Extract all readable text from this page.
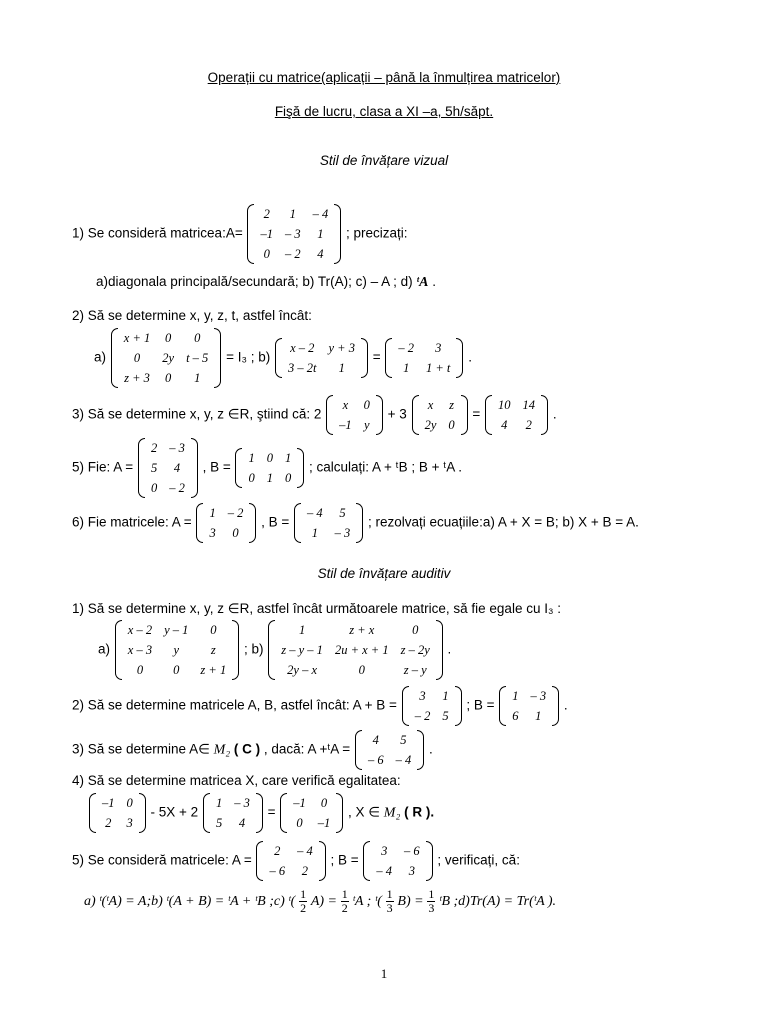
Operații cu matrice(aplicații – până la înmulțirea matricelor)
Fişă de lucru, clasa a XI –a, 5h/săpt.
Stil de învățare vizual
1) Se consideră matricea:A=
2	1	– 4
–1	– 3	1
0	– 2	4
; precizați:
a)diagonala principală/secundară; b) Tr(A); c) – A ; d) ᵗA .
2) Să se determine x, y, z, t, astfel încât:
a)
x + 1	0	0
0	2y	t – 5
z + 3	0	1
= I₃ ; b)
x – 2	y + 3
3 – 2t	1
=
– 2	3
1	1 + t
.
3) Să se determine x, y, z ∈R, ştiind că: 2
x	0
–1	y
+ 3
x	z
2y	0
=
10	14
4	2
.
5) Fie: A =
2	– 3
5	4
0	– 2
, B =
1	0	1
0	1	0
; calculați: A + ᵗB ; B + ᵗA .
6) Fie matricele: A =
1	– 2
3	0
, B =
– 4	5
1	– 3
; rezolvați ecuațiile:a) A + X = B; b) X + B = A.
Stil de învățare auditiv
1) Să se determine x, y, z ∈R, astfel încât următoarele matrice, să fie egale cu I₃ :
a)
x – 2	y – 1	0
x – 3	y	z
0	0	z + 1
; b)
1	z + x	0
z – y – 1	2u + x + 1	z – 2y
2y – x	0	z – y
.
2) Să se determine matricele A, B, astfel încât: A + B =
3	1
– 2	5
; B =
1	– 3
6	1
.
3) Să se determine A∈ M₂ ( C ) , dacă: A +ᵗA =
4	5
– 6	– 4
.
4) Să se determine matricea X, care verifică egalitatea:
–1	0
2	3
- 5X + 2
1	– 3
5	4
=
–1	0
0	–1
, X ∈ M₂ ( R ).
5) Se consideră matricele: A =
2	– 4
– 6	2
; B =
3	– 6
– 4	3
; verificați, că:
a) ᵗ(ᵗA) = A;b) ᵗ(A + B) = ᵗA + ᵗB ;c) ᵗ( $\frac{1}{2} A) = \frac{1}{2}$ ᵗA ; ᵗ( $\frac{1}{3} B) = \frac{1}{3}$ ᵗB ;d)Tr(A) = Tr(ᵗA ).
1
